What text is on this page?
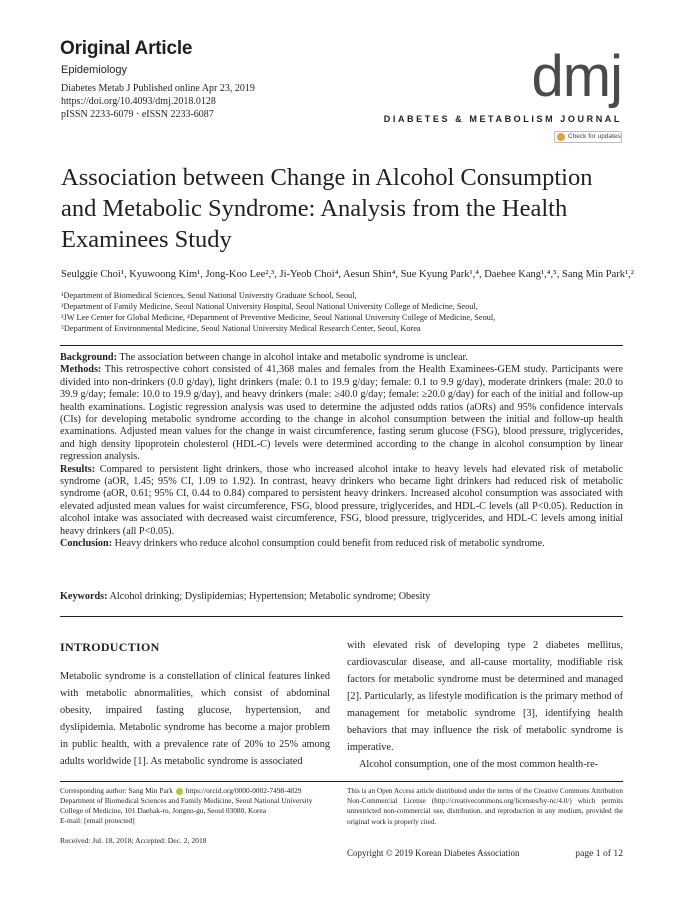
Original Article
Epidemiology
Diabetes Metab J Published online Apr 23, 2019
https://doi.org/10.4093/dmj.2018.0128
pISSN 2233-6079 · eISSN 2233-6087
dmj
DIABETES & METABOLISM JOURNAL
Check for updates
Association between Change in Alcohol Consumption and Metabolic Syndrome: Analysis from the Health Examinees Study
Seulggie Choi¹, Kyuwoong Kim¹, Jong-Koo Lee²,³, Ji-Yeob Choi⁴, Aesun Shin⁴, Sue Kyung Park¹,⁴, Daehee Kang¹,⁴,⁵, Sang Min Park¹,²
¹Department of Biomedical Sciences, Seoul National University Graduate School, Seoul,
²Department of Family Medicine, Seoul National University Hospital, Seoul National University College of Medicine, Seoul,
³JW Lee Center for Global Medicine, ⁴Department of Preventive Medicine, Seoul National University College of Medicine, Seoul,
⁵Department of Environmental Medicine, Seoul National University Medical Research Center, Seoul, Korea
Background: The association between change in alcohol intake and metabolic syndrome is unclear.
Methods: This retrospective cohort consisted of 41,368 males and females from the Health Examinees-GEM study. Participants were divided into non-drinkers (0.0 g/day), light drinkers (male: 0.1 to 19.9 g/day; female: 0.1 to 9.9 g/day), moderate drinkers (male: 20.0 to 39.9 g/day; female: 10.0 to 19.9 g/day), and heavy drinkers (male: ≥40.0 g/day; female: ≥20.0 g/day) for each of the initial and follow-up health examinations. Logistic regression analysis was used to determine the adjusted odds ratios (aORs) and 95% confidence intervals (CIs) for developing metabolic syndrome according to the change in alcohol consumption between the initial and follow-up health examinations. Adjusted mean values for the change in waist circumference, fasting serum glucose (FSG), blood pressure, triglycerides, and high density lipoprotein cholesterol (HDL-C) levels were determined according to the change in alcohol consumption by linear regression analysis.
Results: Compared to persistent light drinkers, those who increased alcohol intake to heavy levels had elevated risk of metabolic syndrome (aOR, 1.45; 95% CI, 1.09 to 1.92). In contrast, heavy drinkers who became light drinkers had reduced risk of metabolic syndrome (aOR, 0.61; 95% CI, 0.44 to 0.84) compared to persistent heavy drinkers. Increased alcohol consumption was associated with elevated adjusted mean values for waist circumference, FSG, blood pressure, triglycerides, and HDL-C levels (all P<0.05). Reduction in alcohol intake was associated with decreased waist circumference, FSG, blood pressure, triglycerides, and HDL-C levels among initial heavy drinkers (all P<0.05).
Conclusion: Heavy drinkers who reduce alcohol consumption could benefit from reduced risk of metabolic syndrome.
Keywords: Alcohol drinking; Dyslipidemias; Hypertension; Metabolic syndrome; Obesity
INTRODUCTION
Metabolic syndrome is a constellation of clinical features linked with metabolic abnormalities, which consist of abdominal obesity, impaired fasting glucose, hypertension, and dyslipidemia. Metabolic syndrome has become a major problem in public health, with a prevalence rate of 20% to 25% among adults worldwide [1]. As metabolic syndrome is associated
with elevated risk of developing type 2 diabetes mellitus, cardiovascular disease, and all-cause mortality, modifiable risk factors for metabolic syndrome must be determined and managed [2]. Particularly, as lifestyle modification is the primary method of management for metabolic syndrome [3], identifying health behaviors that may influence the risk of metabolic syndrome is imperative.
Alcohol consumption, one of the most common health-re-
Corresponding author: Sang Min Park https://orcid.org/0000-0002-7498-4829
Department of Biomedical Sciences and Family Medicine, Seoul National University
College of Medicine, 101 Daehak-ro, Jongno-gu, Seoul 03080, Korea
E-mail: [email protected]
Received: Jul. 18, 2018; Accepted: Dec. 2, 2018
This is an Open Access article distributed under the terms of the Creative Commons Attribution Non-Commercial License (http://creativecommons.org/licenses/by-nc/4.0/) which permits unrestricted non-commercial use, distribution, and reproduction in any medium, provided the original work is properly cited.
Copyright © 2019 Korean Diabetes Association	page 1 of 12
